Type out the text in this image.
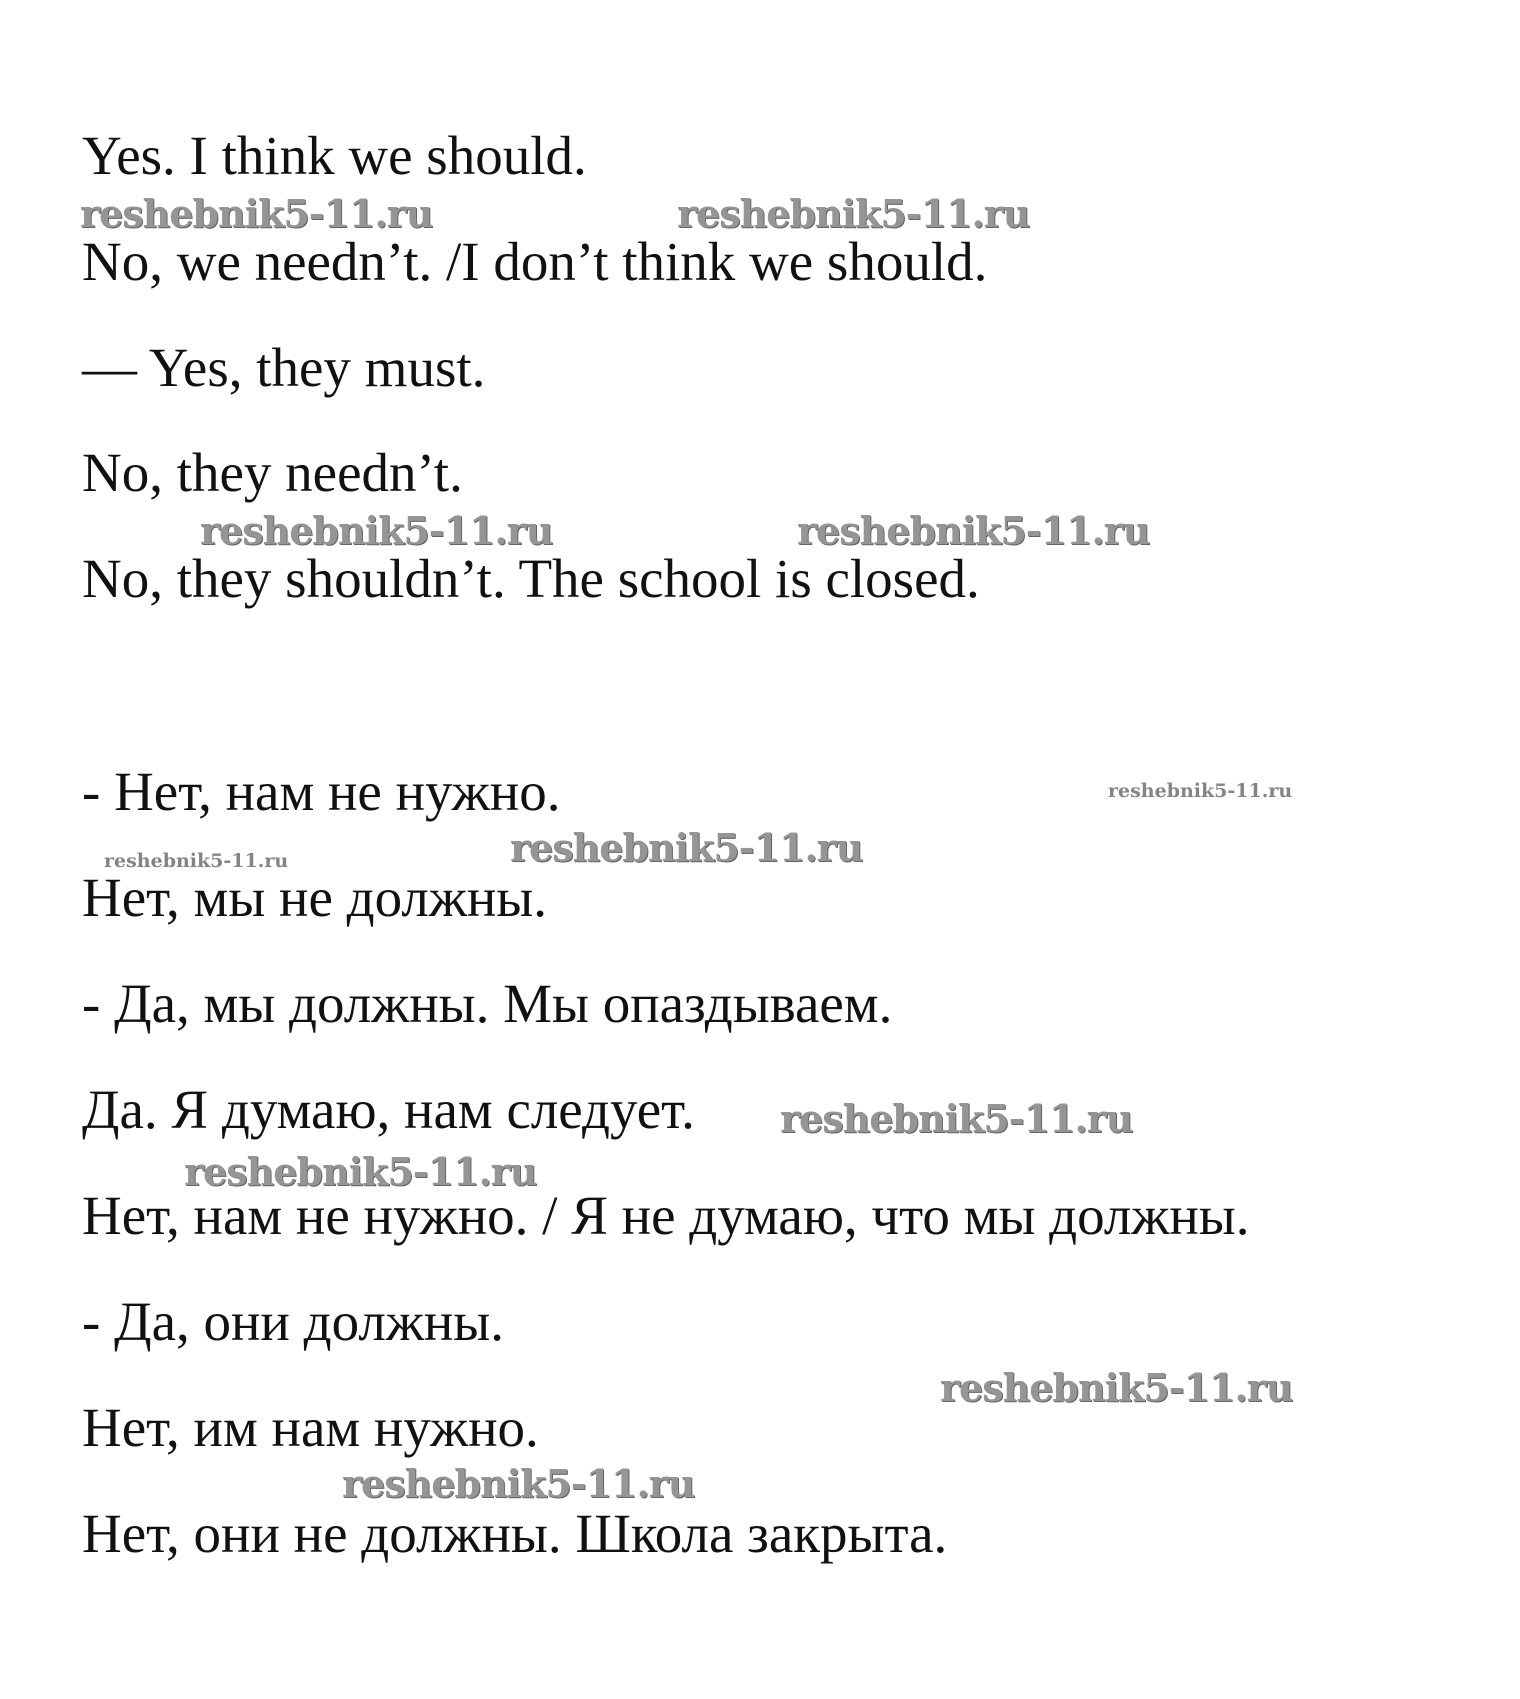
Yes. I think we should.

No, we needn’t. /I don’t think we should.

— Yes, they must.

No, they needn’t.

No, they shouldn’t. The school is closed.

- Нет, нам не нужно.

Нет, мы не должны.

- Да, мы должны. Мы опаздываем.

Да. Я думаю, нам следует.

Нет, нам не нужно. / Я не думаю, что мы должны.

- Да, они должны.

Нет, им нам нужно.

Нет, они не должны. Школа закрыта.

reshebnik5-11.ru	reshebnik5-11.ru

reshebnik5-11.ru	reshebnik5-11.ru

reshebnik5-11.ru

reshebnik5-11.ru	reshebnik5-11.ru

reshebnik5-11.ru

reshebnik5-11.ru

reshebnik5-11.ru

reshebnik5-11.ru
